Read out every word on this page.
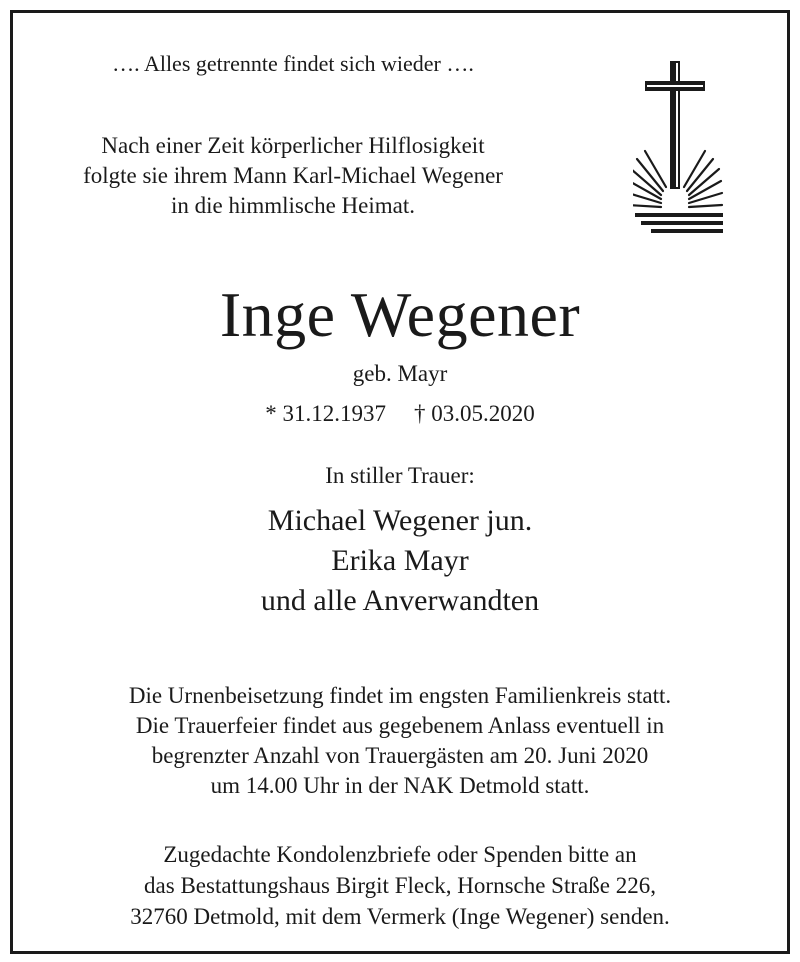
…. Alles getrennte findet sich wieder ….
Nach einer Zeit körperlicher Hilflosigkeit
folgte sie ihrem Mann Karl-Michael Wegener
in die himmlische Heimat.
Inge Wegener
geb. Mayr
* 31.12.1937 † 03.05.2020
In stiller Trauer:
Michael Wegener jun.
Erika Mayr
und alle Anverwandten
Die Urnenbeisetzung findet im engsten Familienkreis statt.
Die Trauerfeier findet aus gegebenem Anlass eventuell in
begrenzter Anzahl von Trauergästen am 20. Juni 2020
um 14.00 Uhr in der NAK Detmold statt.
Zugedachte Kondolenzbriefe oder Spenden bitte an
das Bestattungshaus Birgit Fleck, Hornsche Straße 226,
32760 Detmold, mit dem Vermerk (Inge Wegener) senden.
